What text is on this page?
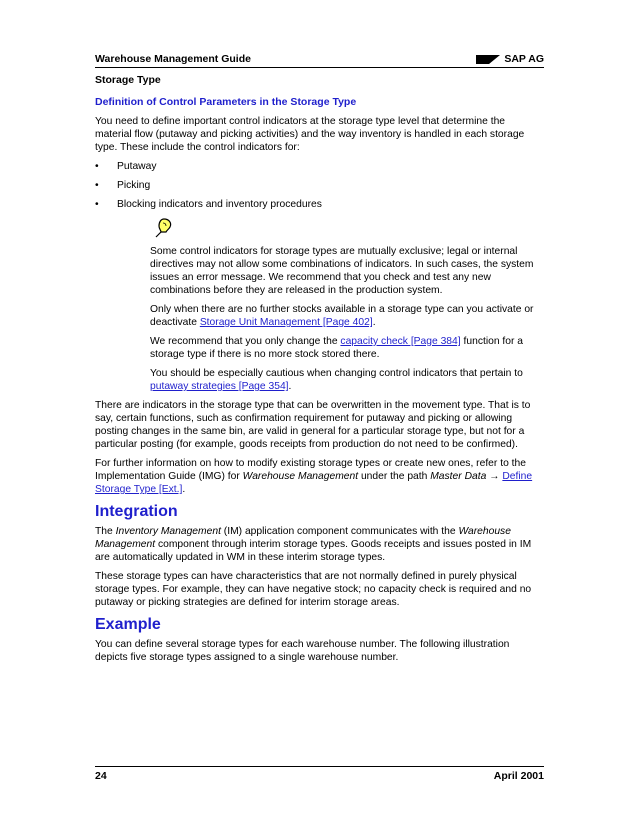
Warehouse Management Guide	SAP AG
Storage Type
Definition of Control Parameters in the Storage Type

You need to define important control indicators at the storage type level that determine the material flow (putaway and picking activities) and the way inventory is handled in each storage type. These include the control indicators for:

• Putaway
• Picking
• Blocking indicators and inventory procedures

Some control indicators for storage types are mutually exclusive; legal or internal directives may not allow some combinations of indicators. In such cases, the system issues an error message. We recommend that you check and test any new combinations before they are released in the production system.

Only when there are no further stocks available in a storage type can you activate or deactivate Storage Unit Management [Page 402].

We recommend that you only change the capacity check [Page 384] function for a storage type if there is no more stock stored there.

You should be especially cautious when changing control indicators that pertain to putaway strategies [Page 354].

There are indicators in the storage type that can be overwritten in the movement type. That is to say, certain functions, such as confirmation requirement for putaway and picking or allowing posting changes in the same bin, are valid in general for a particular storage type, but not for a particular posting (for example, goods receipts from production do not need to be confirmed).

For further information on how to modify existing storage types or create new ones, refer to the Implementation Guide (IMG) for Warehouse Management under the path Master Data → Define Storage Type [Ext.].

Integration

The Inventory Management (IM) application component communicates with the Warehouse Management component through interim storage types. Goods receipts and issues posted in IM are automatically updated in WM in these interim storage types.

These storage types can have characteristics that are not normally defined in purely physical storage types. For example, they can have negative stock; no capacity check is required and no putaway or picking strategies are defined for interim storage areas.

Example

You can define several storage types for each warehouse number. The following illustration depicts five storage types assigned to a single warehouse number.

24	April 2001
